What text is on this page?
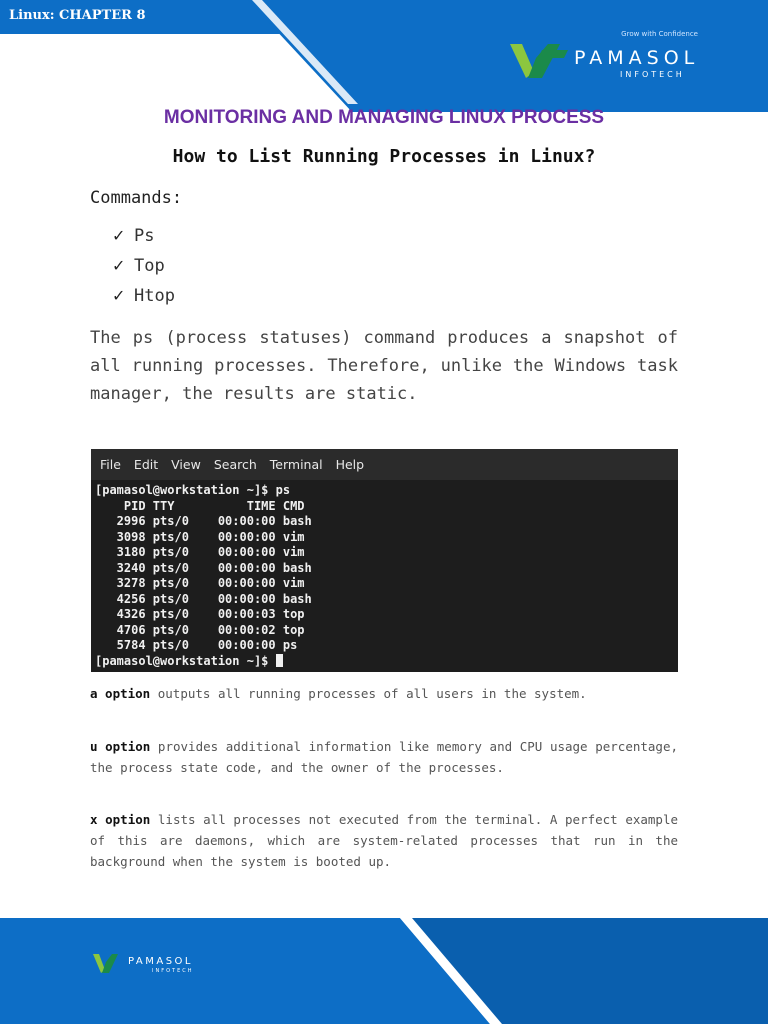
Linux: CHAPTER 8
Grow with Confidence
PAMASOL
INFOTECH
MONITORING AND MANAGING LINUX PROCESS
How to List Running Processes in Linux?
Commands:
✓ Ps
✓ Top
✓ Htop

The ps (process statuses) command produces a snapshot of all running processes. Therefore, unlike the Windows task manager, the results are static.

File Edit View Search Terminal Help
[pamasol@workstation ~]$ ps
PID TTY          TIME CMD
2996 pts/0    00:00:00 bash
3098 pts/0    00:00:00 vim
3180 pts/0    00:00:00 vim
3240 pts/0    00:00:00 bash
3278 pts/0    00:00:00 vim
4256 pts/0    00:00:00 bash
4326 pts/0    00:00:03 top
4706 pts/0    00:00:02 top
5784 pts/0    00:00:00 ps
[pamasol@workstation ~]$

a option outputs all running processes of all users in the system.

u option provides additional information like memory and CPU usage percentage, the process state code, and the owner of the processes.

x option lists all processes not executed from the terminal. A perfect example of this are daemons, which are system-related processes that run in the background when the system is booted up.

PAMASOL
INFOTECH
